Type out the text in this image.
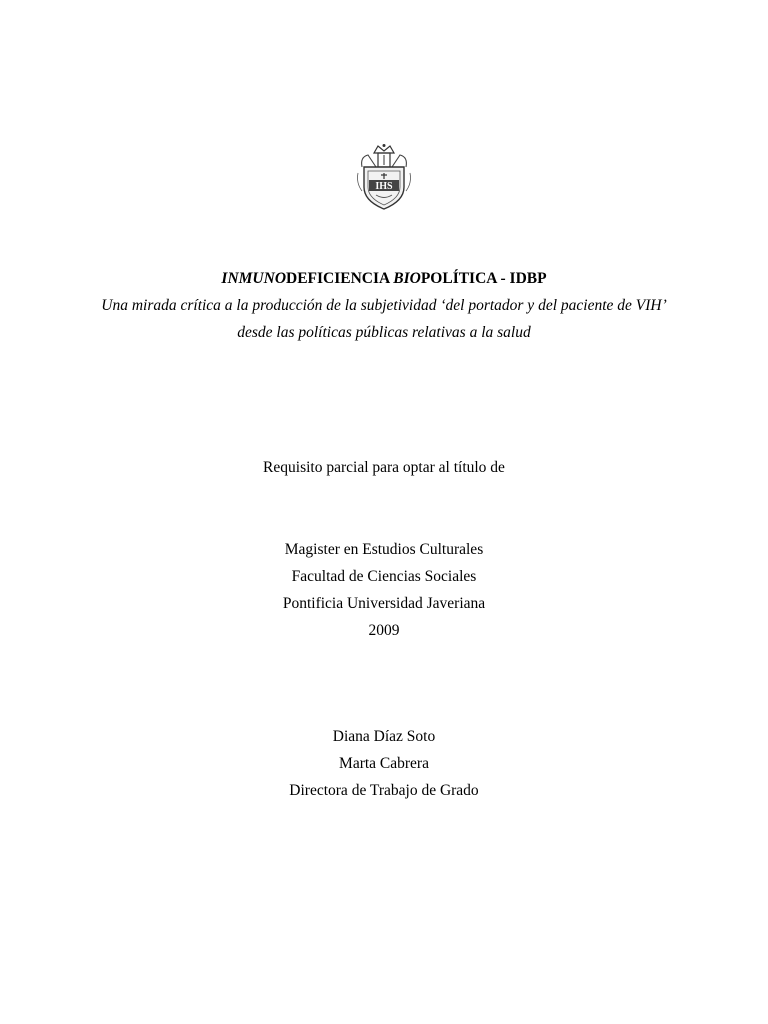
IHS
INMUNODEFICIENCIA BIOPOLÍTICA - IDBP
Una mirada crítica a la producción de la subjetividad ‘del portador y del paciente de VIH’
desde las políticas públicas relativas a la salud
Requisito parcial para optar al título de
Magister en Estudios Culturales
Facultad de Ciencias Sociales
Pontificia Universidad Javeriana
2009
Diana Díaz Soto
Marta Cabrera
Directora de Trabajo de Grado
